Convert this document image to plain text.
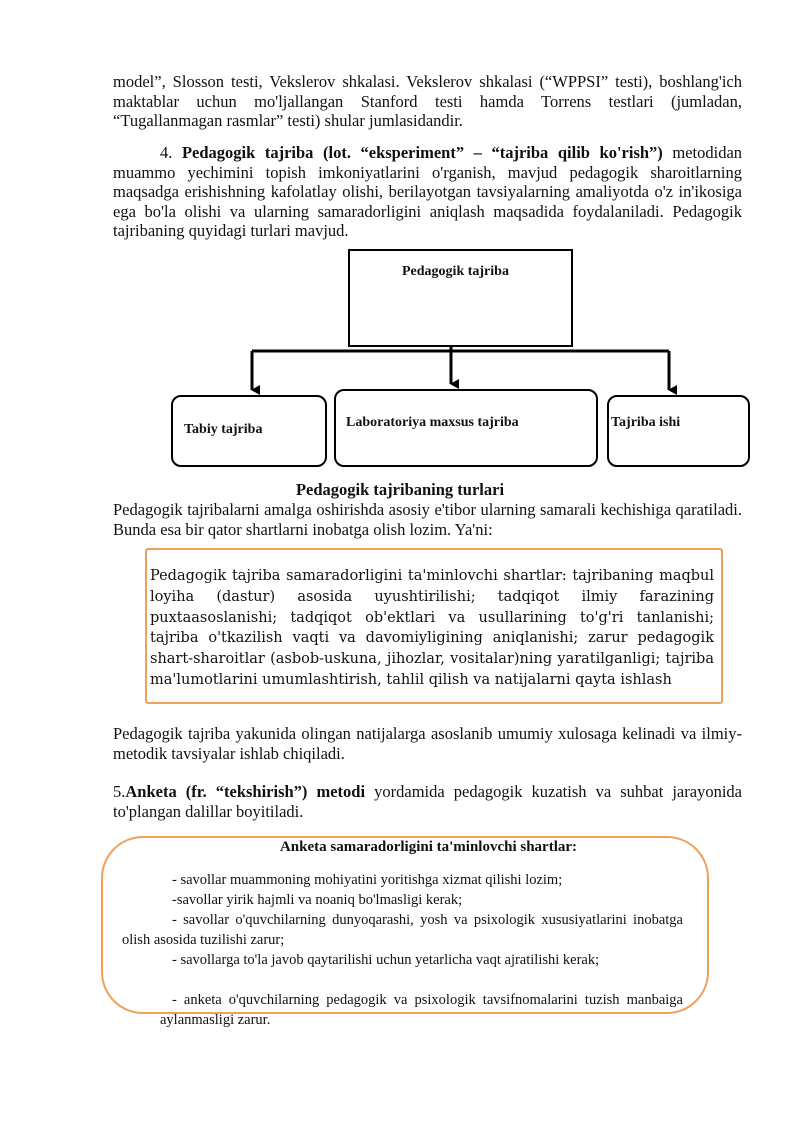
model”, Slosson testi, Vekslerov shkalasi. Vekslerov shkalasi (“WPPSI” testi), boshlang'ich maktablar uchun mo'ljallangan Stanford testi hamda Torrens testlari (jumladan, “Tugallanmagan rasmlar” testi) shular jumlasidandir.
4. Pedagogik tajriba (lot. “eksperiment” – “tajriba qilib ko'rish”) metodidan muammo yechimini topish imkoniyatlarini o'rganish, mavjud pedagogik sharoitlarning maqsadga erishishning kafolatlay olishi, berilayotgan tavsiyalarning amaliyotda o'z in'ikosiga ega bo'la olishi va ularning samaradorligini aniqlash maqsadida foydalaniladi. Pedagogik tajribaning quyidagi turlari mavjud.
Pedagogik tajriba
Tabiy tajriba	Laboratoriya maxsus tajriba	Tajriba ishi
Pedagogik tajribaning turlari
Pedagogik tajribalarni amalga oshirishda asosiy e'tibor ularning samarali kechishiga qaratiladi. Bunda esa bir qator shartlarni inobatga olish lozim. Ya'ni:
Pedagogik tajriba samaradorligini ta'minlovchi shartlar: tajribaning maqbul loyiha (dastur) asosida uyushtirilishi; tadqiqot ilmiy farazining puxtaasoslanishi; tadqiqot ob'ektlari va usullarining to'g'ri tanlanishi; tajriba o'tkazilish vaqti va davomiyligining aniqlanishi; zarur pedagogik shart-sharoitlar (asbob-uskuna, jihozlar, vositalar)ning yaratilganligi; tajriba ma'lumotlarini umumlashtirish, tahlil qilish va natijalarni qayta ishlash
Pedagogik tajriba yakunida olingan natijalarga asoslanib umumiy xulosaga kelinadi va ilmiy-metodik tavsiyalar ishlab chiqiladi.
5.Anketa (fr. “tekshirish”) metodi yordamida pedagogik kuzatish va suhbat jarayonida to'plangan dalillar boyitiladi.
Anketa samaradorligini ta'minlovchi shartlar:
- savollar muammoning mohiyatini yoritishga xizmat qilishi lozim;
-savollar yirik hajmli va noaniq bo'lmasligi kerak;
- savollar o'quvchilarning dunyoqarashi, yosh va psixologik xususiyatlarini inobatga olish asosida tuzilishi zarur;
- savollarga to'la javob qaytarilishi uchun yetarlicha vaqt ajratilishi kerak;
- anketa o'quvchilarning pedagogik va psixologik tavsifnomalarini tuzish manbaiga aylanmasligi zarur.
